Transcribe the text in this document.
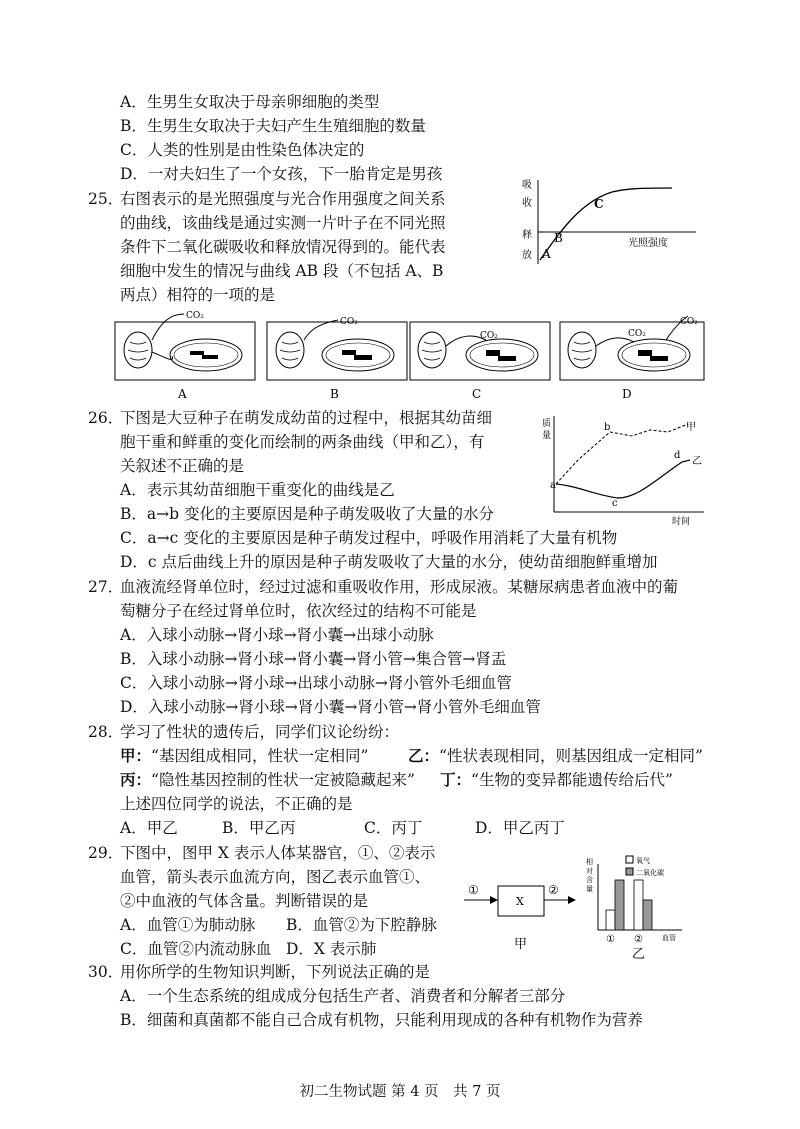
A．生男生女取决于母亲卵细胞的类型
B．生男生女取决于夫妇产生生殖细胞的数量
C．人类的性别是由性染色体决定的
D．一对夫妇生了一个女孩，下一胎肯定是男孩
25．
右图表示的是光照强度与光合作用强度之间关系
的曲线，该曲线是通过实测一片叶子在不同光照
条件下二氧化碳吸收和释放情况得到的。能代表
细胞中发生的情况与曲线 AB 段（不包括 A、B
两点）相符的一项的是
吸
收
释
放
光照强度
A
B
C
CO₂
CO₂
CO₂	CO₂
CO₂
A	B	C	D
26．
下图是大豆种子在萌发成幼苗的过程中，根据其幼苗细
胞干重和鲜重的变化而绘制的两条曲线（甲和乙），有
关叙述不正确的是
A．表示其幼苗细胞干重变化的曲线是乙
B．a→b 变化的主要原因是种子萌发吸收了大量的水分
C．a→c 变化的主要原因是种子萌发过程中，呼吸作用消耗了大量有机物
D．c 点后曲线上升的原因是种子萌发吸收了大量的水分，使幼苗细胞鲜重增加
质
量
时间
甲
乙
a
b
c
d
27．
血液流经肾单位时，经过过滤和重吸收作用，形成尿液。某糖尿病患者血液中的葡
萄糖分子在经过肾单位时，依次经过的结构不可能是
A．入球小动脉→肾小球→肾小囊→出球小动脉
B．入球小动脉→肾小球→肾小囊→肾小管→集合管→肾盂
C．入球小动脉→肾小球→出球小动脉→肾小管外毛细血管
D．入球小动脉→肾小球→肾小囊→肾小管→肾小管外毛细血管
28．
学习了性状的遗传后，同学们议论纷纷：
甲：“基因组成相同，性状一定相同”	乙：“性状表现相同，则基因组成一定相同”
丙：“隐性基因控制的性状一定被隐藏起来” 丁：“生物的变异都能遗传给后代”
上述四位同学的说法，不正确的是
A．甲乙	B．甲乙丙	C．丙丁	D．甲乙丙丁
29．
下图中，图甲 X 表示人体某器官，①、②表示
血管，箭头表示血流方向，图乙表示血管①、
②中血液的气体含量。判断错误的是
A．血管①为肺动脉 B．血管②为下腔静脉
C．血管②内流动脉血 D．X 表示肺
①
X
②
甲
相
对
含
量
氧气
二氧化碳
① ②	血管
乙
30．
用你所学的生物知识判断，下列说法正确的是
A．一个生态系统的组成成分包括生产者、消费者和分解者三部分
B．细菌和真菌都不能自己合成有机物，只能利用现成的各种有机物作为营养
初二生物试题 第 4 页　共 7 页
